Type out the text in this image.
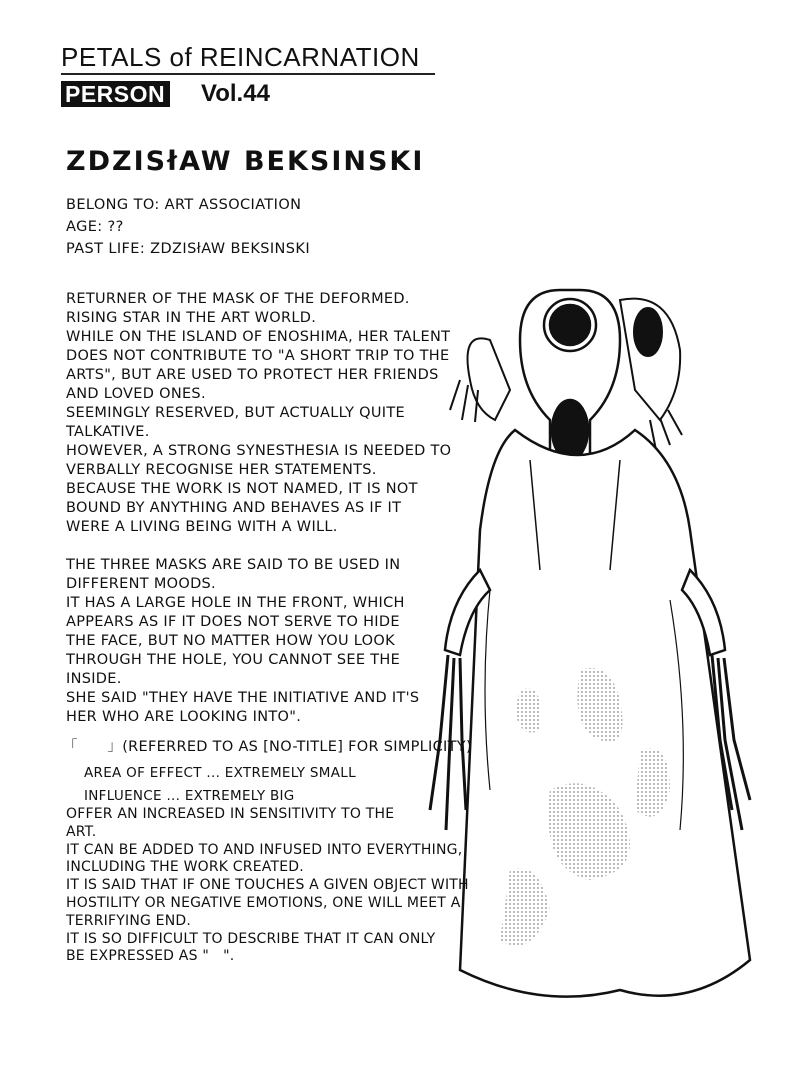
PETALS of REINCARNATION
PERSON Vol.44
ZDZISłAW BEKSINSKI
BELONG TO: ART ASSOCIATION
AGE: ??
PAST LIFE: ZDZISłAW BEKSINSKI
RETURNER OF THE MASK OF THE DEFORMED.
RISING STAR IN THE ART WORLD.
WHILE ON THE ISLAND OF ENOSHIMA, HER TALENT
DOES NOT CONTRIBUTE TO "A SHORT TRIP TO THE
ARTS", BUT ARE USED TO PROTECT HER FRIENDS
AND LOVED ONES.
SEEMINGLY RESERVED, BUT ACTUALLY QUITE
TALKATIVE.
HOWEVER, A STRONG SYNESTHESIA IS NEEDED TO
VERBALLY RECOGNISE HER STATEMENTS.
BECAUSE THE WORK IS NOT NAMED, IT IS NOT
BOUND BY ANYTHING AND BEHAVES AS IF IT
WERE A LIVING BEING WITH A WILL.
THE THREE MASKS ARE SAID TO BE USED IN
DIFFERENT MOODS.
IT HAS A LARGE HOLE IN THE FRONT, WHICH
APPEARS AS IF IT DOES NOT SERVE TO HIDE
THE FACE, BUT NO MATTER HOW YOU LOOK
THROUGH THE HOLE, YOU CANNOT SEE THE
INSIDE.
SHE SAID "THEY HAVE THE INITIATIVE AND IT'S
HER WHO ARE LOOKING INTO".
「　　」(REFERRED TO AS [NO-TITLE] FOR SIMPLICITY)
AREA OF EFFECT ... EXTREMELY SMALL
INFLUENCE ... EXTREMELY BIG
OFFER AN INCREASED IN SENSITIVITY TO THE
ART.
IT CAN BE ADDED TO AND INFUSED INTO EVERYTHING,
INCLUDING THE WORK CREATED.
IT IS SAID THAT IF ONE TOUCHES A GIVEN OBJECT WITH
HOSTILITY OR NEGATIVE EMOTIONS, ONE WILL MEET A
TERRIFYING END.
IT IS SO DIFFICULT TO DESCRIBE THAT IT CAN ONLY
BE EXPRESSED AS "　".
